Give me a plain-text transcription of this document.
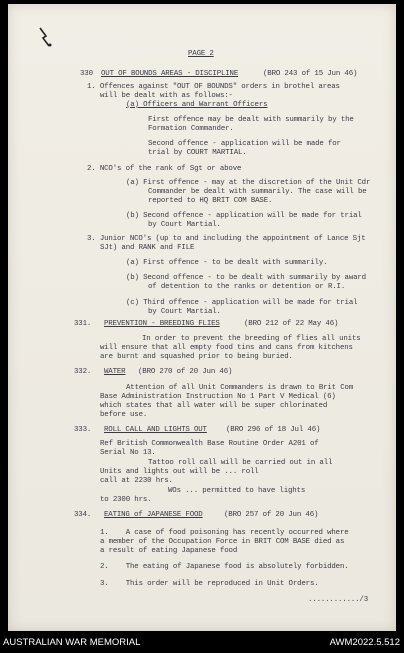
PAGE 2
330 OUT OF BOUNDS AREAS - DISCIPLINE	(BRO 243 of 15 Jun 46)
1. Offences against "OUT OF BOUNDS" orders in brothel areas
will be dealt with as follows:-
(a) Officers and Warrant Officers
First offence may be dealt with summarily by the
Formation Commander.
Second offence - application will be made for
trial by COURT MARTIAL.
2. NCO's of the rank of Sgt or above
(a) First offence - may at the discretion of the Unit Cdr
Commander be dealt with summarily. The case will be
reported to HQ BRIT COM BASE.
(b) Second offence - application will be made for trial
by Court Martial.
3. Junior NCO's (up to and including the appointment of Lance Sjt
SJt) and RANK and FILE
(a) First offence - to be dealt with summarily.
(b) Second offence - to be dealt with summarily by award
of detention to the ranks or detention or R.I.
(c) Third offence - application will be made for trial
by Court Martial.
331. PREVENTION - BREEDING FLIES	(BRO 212 of 22 May 46)
In order to prevent the breeding of flies all units
will ensure that all empty food tins and cans from kitchens
are burnt and squashed prior to being buried.
332. WATER (BRO 270 of 20 Jun 46)
Attention of all Unit Commanders is drawn to Brit Com
Base Administration Instruction No 1 Part V Medical (6)
which states that all water will be super chlorinated
before use.
333. ROLL CALL AND LIGHTS OUT	(BRO 296 of 18 Jul 46)
Ref British Commonwealth Base Routine Order A201 of
Serial No 13.
Tattoo roll call will be carried out in all
Units and lights out will be ... roll
call at 2230 hrs.
WOs ... permitted to have lights
to 2300 hrs.
334. EATING of JAPANESE FOOD	(BRO 257 of 20 Jun 46)
1.    A case of food poisoning has recently occurred where
a member of the Occupation Force in BRIT COM BASE died as
a result of eating Japanese food
2.    The eating of Japanese food is absolutely forbidden.
3.    This order will be reproduced in Unit Orders.
............/3
AUSTRALIAN WAR MEMORIAL	AWM2022.5.512
